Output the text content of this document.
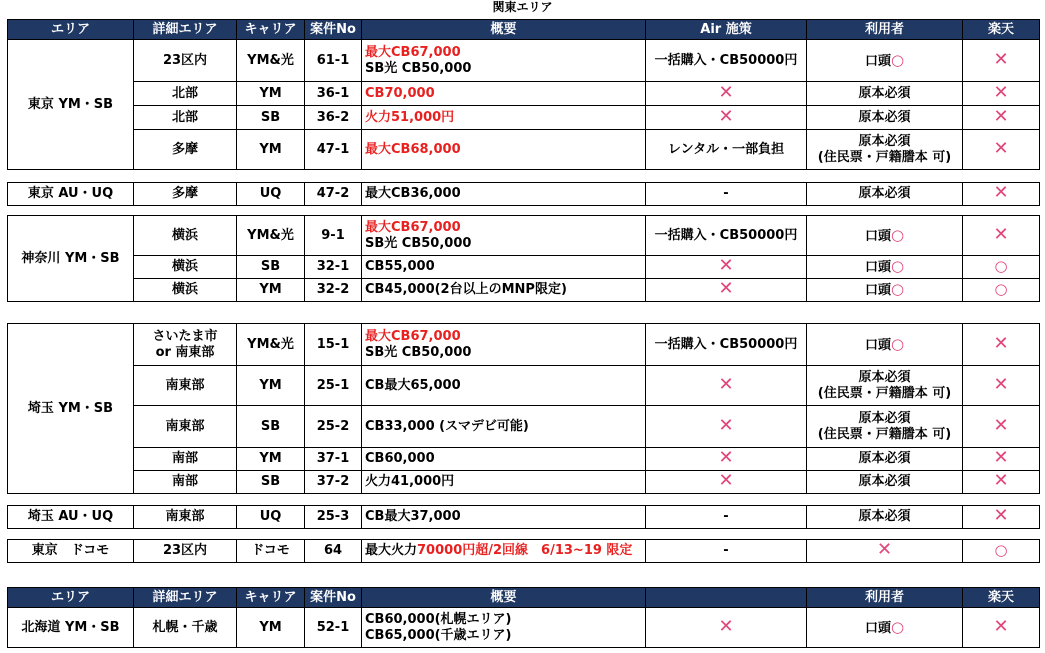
関東エリア
エリア	詳細エリア	キャリア	案件No	概要	Air 施策	利用者	楽天
東京 YM・SB	23区内	YM&光	61-1	最大CB67,000
SB光 CB50,000	一括購入・CB50000円	口頭○	✕
	北部	YM	36-1	CB70,000	✕	原本必須	✕
	北部	SB	36-2	火力51,000円	✕	原本必須	✕
	多摩	YM	47-1	最大CB68,000	レンタル・一部負担	原本必須
(住民票・戸籍謄本 可)	✕
東京 AU・UQ	多摩	UQ	47-2	最大CB36,000	-	原本必須	✕
神奈川 YM・SB	横浜	YM&光	9-1	最大CB67,000
SB光 CB50,000	一括購入・CB50000円	口頭○	✕
	横浜	SB	32-1	CB55,000	✕	口頭○	○
	横浜	YM	32-2	CB45,000(2台以上のMNP限定)	✕	口頭○	○
埼玉 YM・SB	さいたま市
or 南東部	YM&光	15-1	最大CB67,000
SB光 CB50,000	一括購入・CB50000円	口頭○	✕
	南東部	YM	25-1	CB最大65,000	✕	原本必須
(住民票・戸籍謄本 可)	✕
	南東部	SB	25-2	CB33,000 (スマデビ可能)	✕	原本必須
(住民票・戸籍謄本 可)	✕
	南部	YM	37-1	CB60,000	✕	原本必須	✕
	南部	SB	37-2	火力41,000円	✕	原本必須	✕
埼玉 AU・UQ	南東部	UQ	25-3	CB最大37,000	-	原本必須	✕
東京　ドコモ	23区内	ドコモ	64	最大火力70000円超/2回線　6/13~19 限定	-	✕	○
エリア	詳細エリア	キャリア	案件No	概要		利用者	楽天
北海道 YM・SB	札幌・千歳	YM	52-1	CB60,000(札幌エリア)
CB65,000(千歳エリア)	✕	口頭○	✕
